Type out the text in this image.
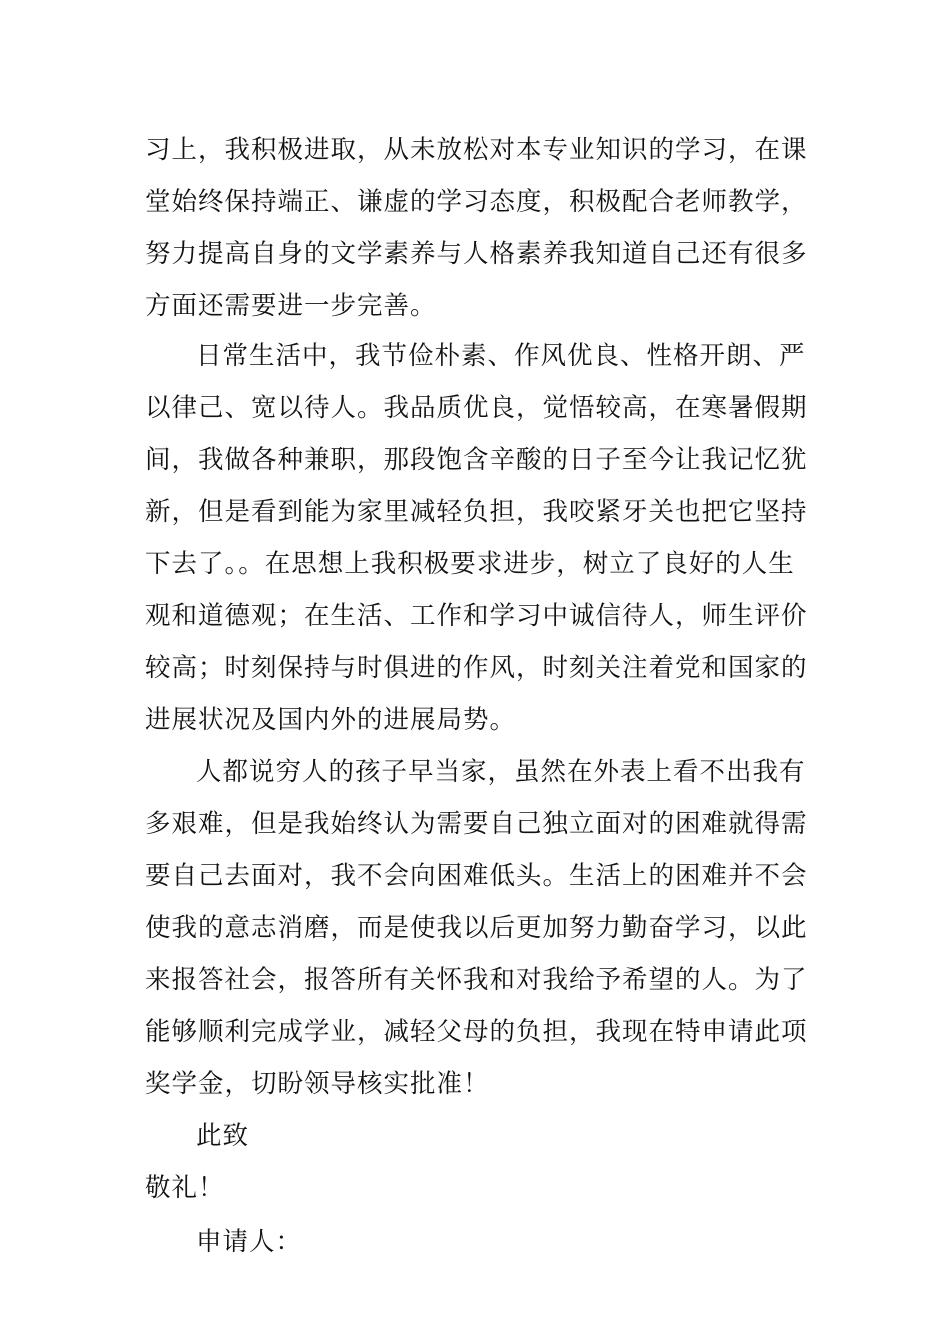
习上，我积极进取，从未放松对本专业知识的学习，在课
堂始终保持端正、谦虚的学习态度，积极配合老师教学，
努力提高自身的文学素养与人格素养我知道自己还有很多
方面还需要进一步完善。
日常生活中，我节俭朴素、作风优良、性格开朗、严
以律己、宽以待人。我品质优良，觉悟较高，在寒暑假期
间，我做各种兼职，那段饱含辛酸的日子至今让我记忆犹
新，但是看到能为家里减轻负担，我咬紧牙关也把它坚持
下去了。。在思想上我积极要求进步，树立了良好的人生
观和道德观；在生活、工作和学习中诚信待人，师生评价
较高；时刻保持与时俱进的作风，时刻关注着党和国家的
进展状况及国内外的进展局势。
人都说穷人的孩子早当家，虽然在外表上看不出我有
多艰难，但是我始终认为需要自己独立面对的困难就得需
要自己去面对，我不会向困难低头。生活上的困难并不会
使我的意志消磨，而是使我以后更加努力勤奋学习，以此
来报答社会，报答所有关怀我和对我给予希望的人。为了
能够顺利完成学业，减轻父母的负担，我现在特申请此项
奖学金，切盼领导核实批准！
此致
敬礼！
申请人：
